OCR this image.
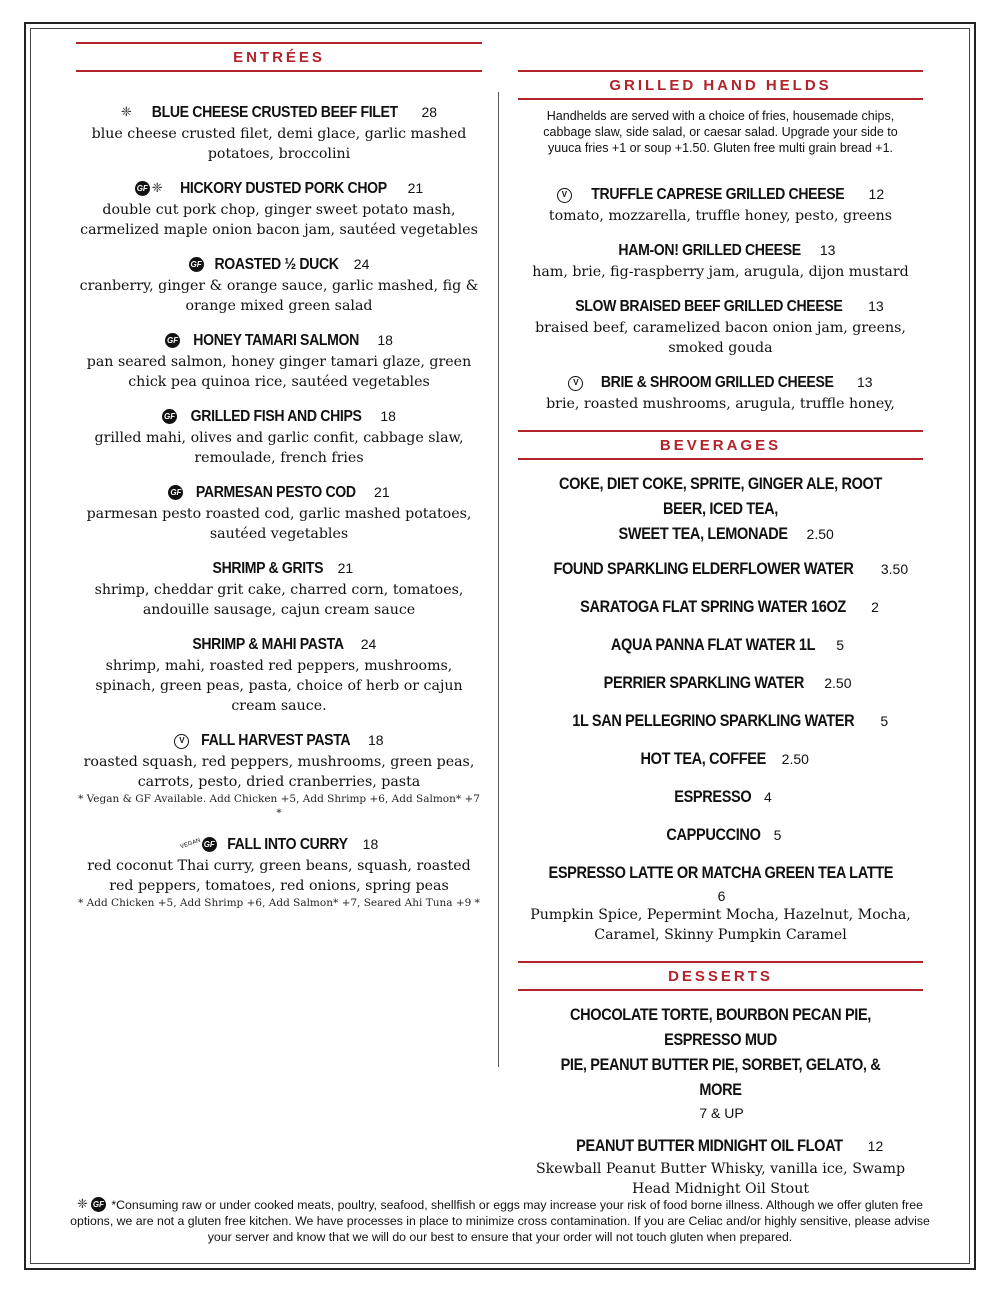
ENTRÉES
❈ BLUE CHEESE CRUSTED BEEF FILET 28
blue cheese crusted filet, demi glace, garlic mashed potatoes, broccolini
GF ❈ HICKORY DUSTED PORK CHOP 21
double cut pork chop, ginger sweet potato mash, carmelized maple onion bacon jam, sautéed vegetables
GF ROASTED ½ DUCK 24
cranberry, ginger & orange sauce, garlic mashed, fig & orange mixed green salad
GF HONEY TAMARI SALMON 18
pan seared salmon, honey ginger tamari glaze, green chick pea quinoa rice, sautéed vegetables
GF GRILLED FISH AND CHIPS 18
grilled mahi, olives and garlic confit, cabbage slaw, remoulade, french fries
GF PARMESAN PESTO COD 21
parmesan pesto roasted cod, garlic mashed potatoes, sautéed vegetables
SHRIMP & GRITS 21
shrimp, cheddar grit cake, charred corn, tomatoes, andouille sausage, cajun cream sauce
SHRIMP & MAHI PASTA 24
shrimp, mahi, roasted red peppers, mushrooms, spinach, green peas, pasta, choice of herb or cajun cream sauce.
V FALL HARVEST PASTA 18
roasted squash, red peppers, mushrooms, green peas, carrots, pesto, dried cranberries, pasta
* Vegan & GF Available. Add Chicken +5, Add Shrimp +6, Add Salmon* +7 *
VEGAN GF FALL INTO CURRY 18
red coconut Thai curry, green beans, squash, roasted red peppers, tomatoes, red onions, spring peas
* Add Chicken +5, Add Shrimp +6, Add Salmon* +7, Seared Ahi Tuna +9 *
GRILLED HAND HELDS
Handhelds are served with a choice of fries, housemade chips, cabbage slaw, side salad, or caesar salad. Upgrade your side to yuuca fries +1 or soup +1.50. Gluten free multi grain bread +1.
V TRUFFLE CAPRESE GRILLED CHEESE 12
tomato, mozzarella, truffle honey, pesto, greens
HAM-ON! GRILLED CHEESE 13
ham, brie, fig-raspberry jam, arugula, dijon mustard
SLOW BRAISED BEEF GRILLED CHEESE 13
braised beef, caramelized bacon onion jam, greens, smoked gouda
V BRIE & SHROOM GRILLED CHEESE 13
brie, roasted mushrooms, arugula, truffle honey,
BEVERAGES
COKE, DIET COKE, SPRITE, GINGER ALE, ROOT BEER, ICED TEA,
SWEET TEA, LEMONADE 2.50
FOUND SPARKLING ELDERFLOWER WATER 3.50
SARATOGA FLAT SPRING WATER 16OZ 2
AQUA PANNA FLAT WATER 1L 5
PERRIER SPARKLING WATER 2.50
1L SAN PELLEGRINO SPARKLING WATER 5
HOT TEA, COFFEE 2.50
ESPRESSO 4
CAPPUCCINO 5
ESPRESSO LATTE OR MATCHA GREEN TEA LATTE 6
Pumpkin Spice, Pepermint Mocha, Hazelnut, Mocha, Caramel, Skinny Pumpkin Caramel
DESSERTS
CHOCOLATE TORTE, BOURBON PECAN PIE, ESPRESSO MUD
PIE, PEANUT BUTTER PIE, SORBET, GELATO, & MORE 7 & UP
PEANUT BUTTER MIDNIGHT OIL FLOAT 12
Skewball Peanut Butter Whisky, vanilla ice, Swamp Head Midnight Oil Stout
❈ GF *Consuming raw or under cooked meats, poultry, seafood, shellfish or eggs may increase your risk of food borne illness. Although we offer gluten free options, we are not a gluten free kitchen. We have processes in place to minimize cross contamination. If you are Celiac and/or highly sensitive, please advise your server and know that we will do our best to ensure that your order will not touch gluten when prepared.
